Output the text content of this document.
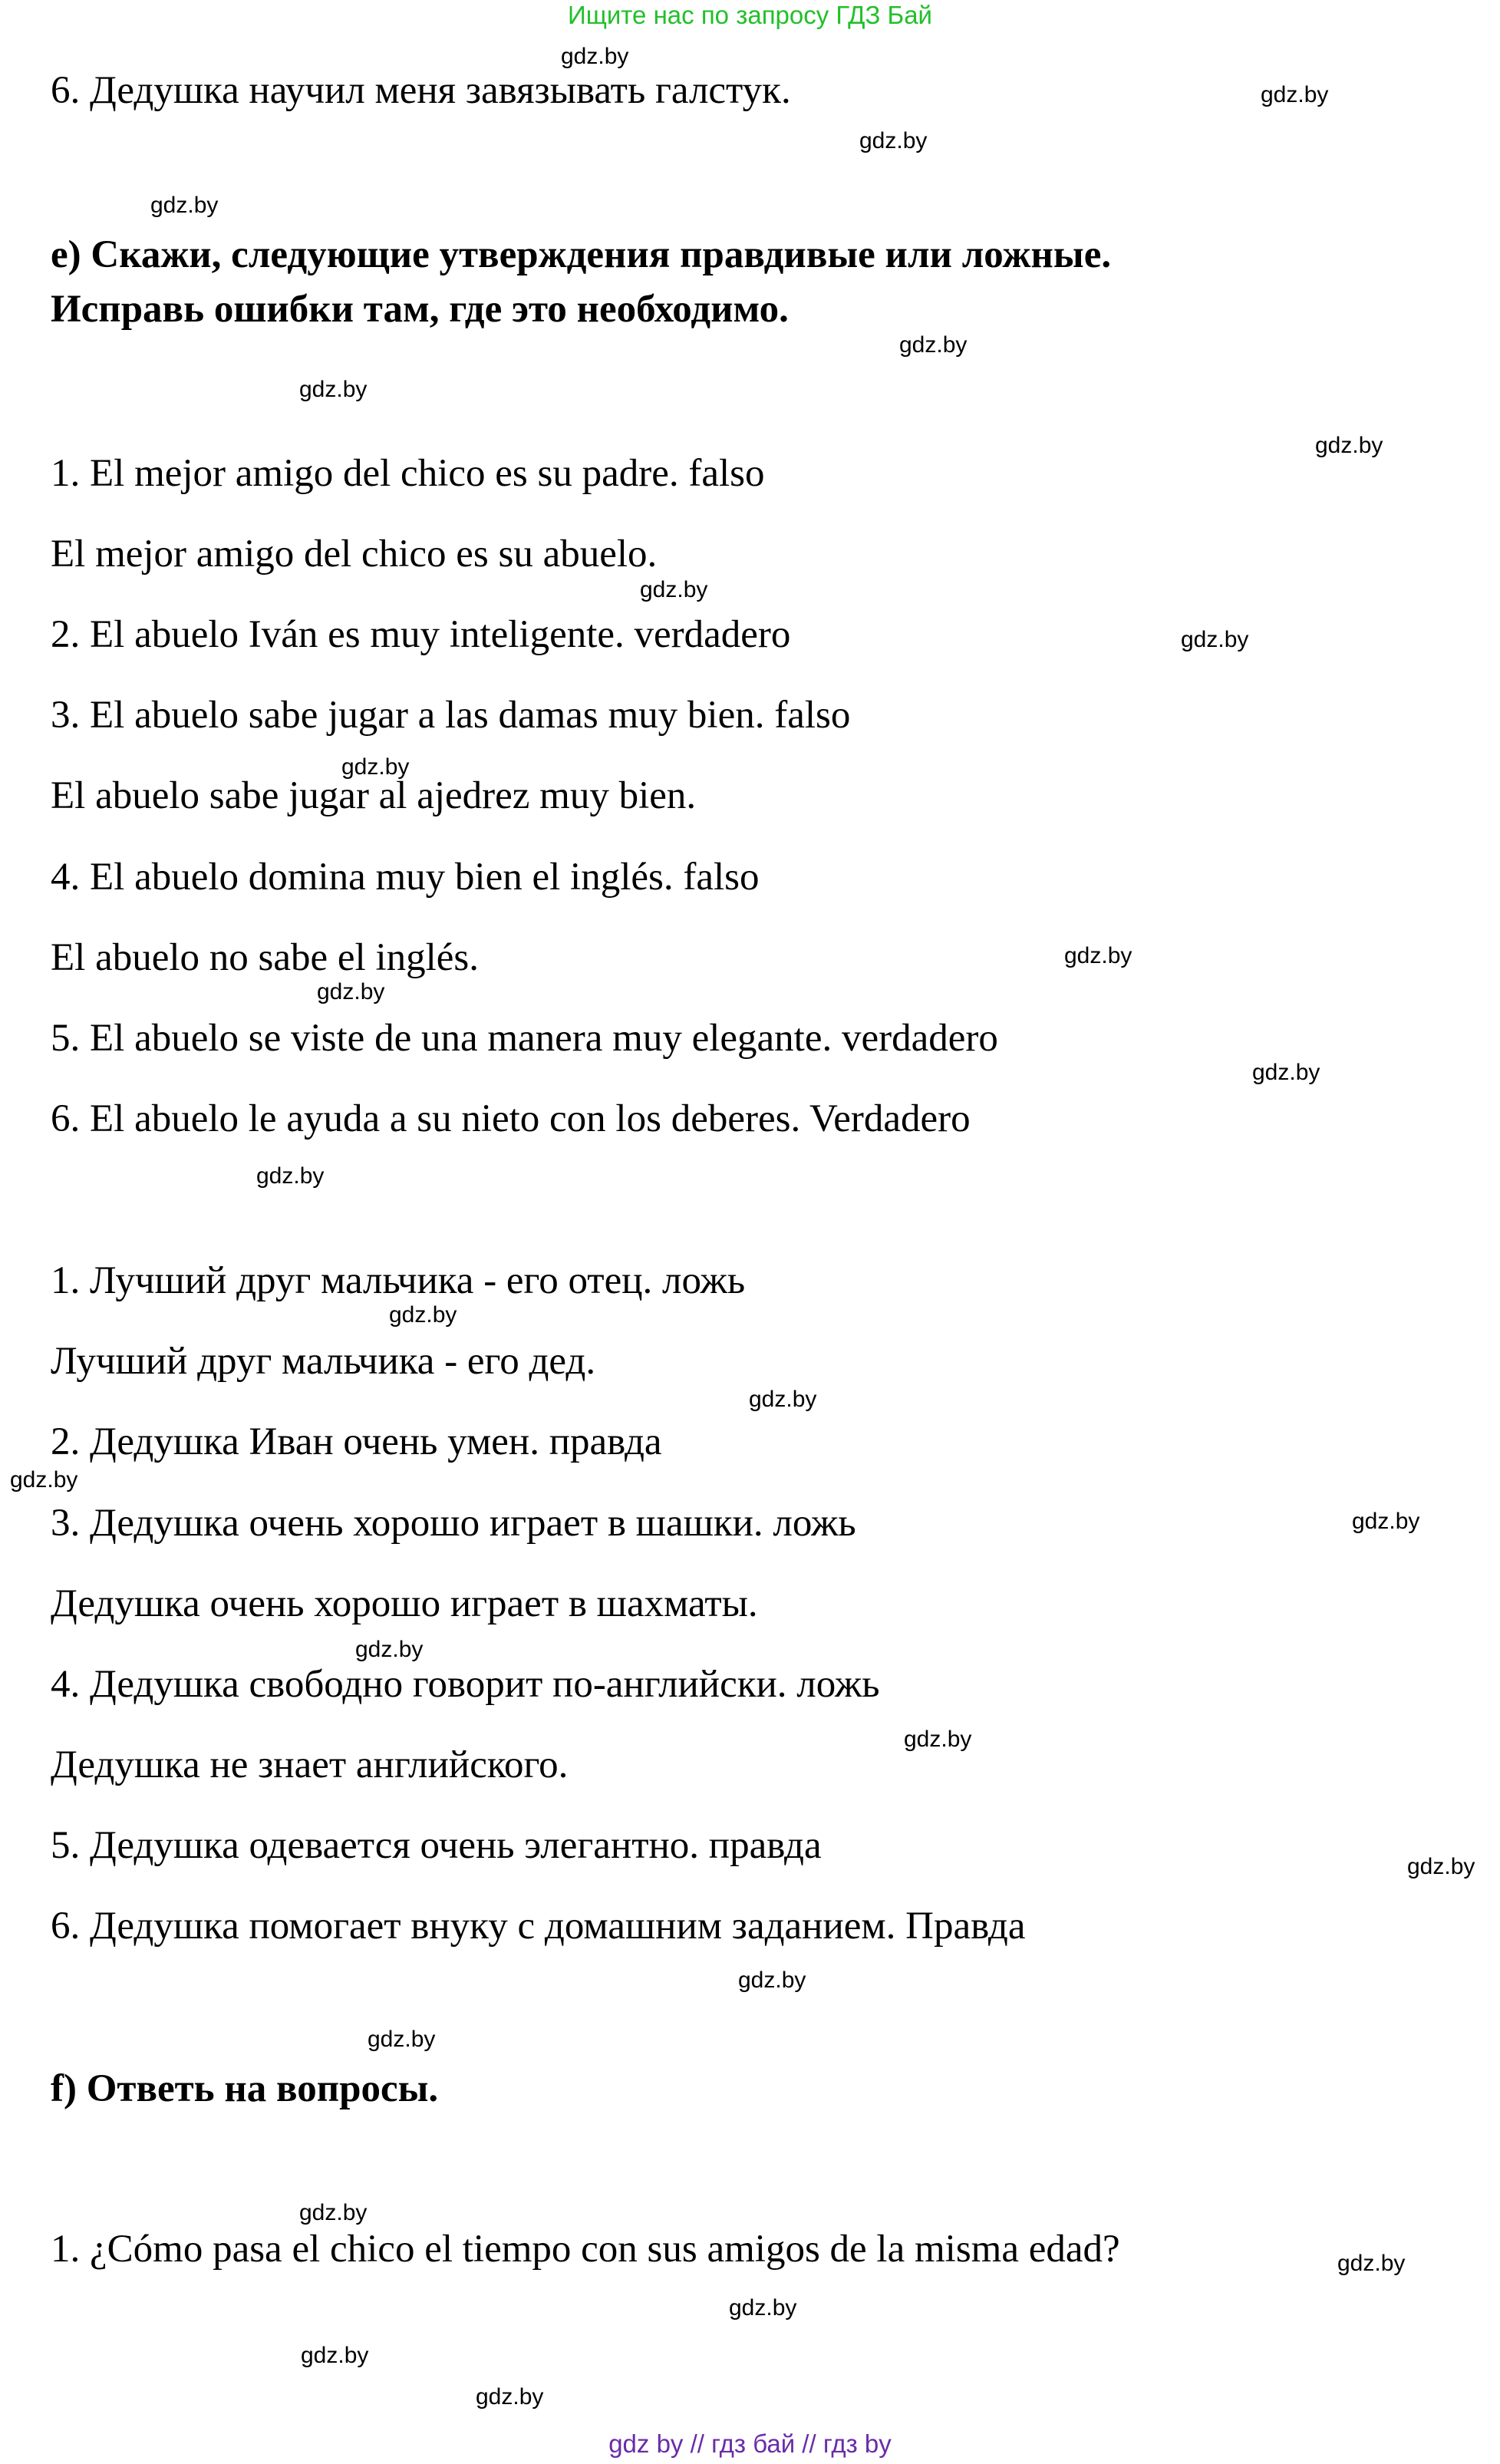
Ищите нас по запросу ГДЗ Бай
6. Дедушка научил меня завязывать галстук.
e) Скажи, следующие утверждения правдивые или ложные.
Исправь ошибки там, где это необходимо.
1. El mejor amigo del chico es su padre. falso
El mejor amigo del chico es su abuelo.
2. El abuelo Iván es muy inteligente. verdadero
3. El abuelo sabe jugar a las damas muy bien. falso
El abuelo sabe jugar al ajedrez muy bien.
4. El abuelo domina muy bien el inglés. falso
El abuelo no sabe el inglés.
5. El abuelo se viste de una manera muy elegante. verdadero
6. El abuelo le ayuda a su nieto con los deberes. Verdadero
1. Лучший друг мальчика - его отец. ложь
Лучший друг мальчика - его дед.
2. Дедушка Иван очень умен. правда
3. Дедушка очень хорошо играет в шашки. ложь
Дедушка очень хорошо играет в шахматы.
4. Дедушка свободно говорит по-английски. ложь
Дедушка не знает английского.
5. Дедушка одевается очень элегантно. правда
6. Дедушка помогает внуку с домашним заданием. Правда
f) Ответь на вопросы.
1. ¿Cómo pasa el chico el tiempo con sus amigos de la misma edad?
gdz.by
gdz.by
gdz.by
gdz.by
gdz.by
gdz.by
gdz.by
gdz.by
gdz.by
gdz.by
gdz.by
gdz.by
gdz.by
gdz.by
gdz.by
gdz.by
gdz.by
gdz.by
gdz.by
gdz.by
gdz.by
gdz.by
gdz.by
gdz.by
gdz.by
gdz.by
gdz.by
gdz.by
gdz by // гдз бай // гдз by
